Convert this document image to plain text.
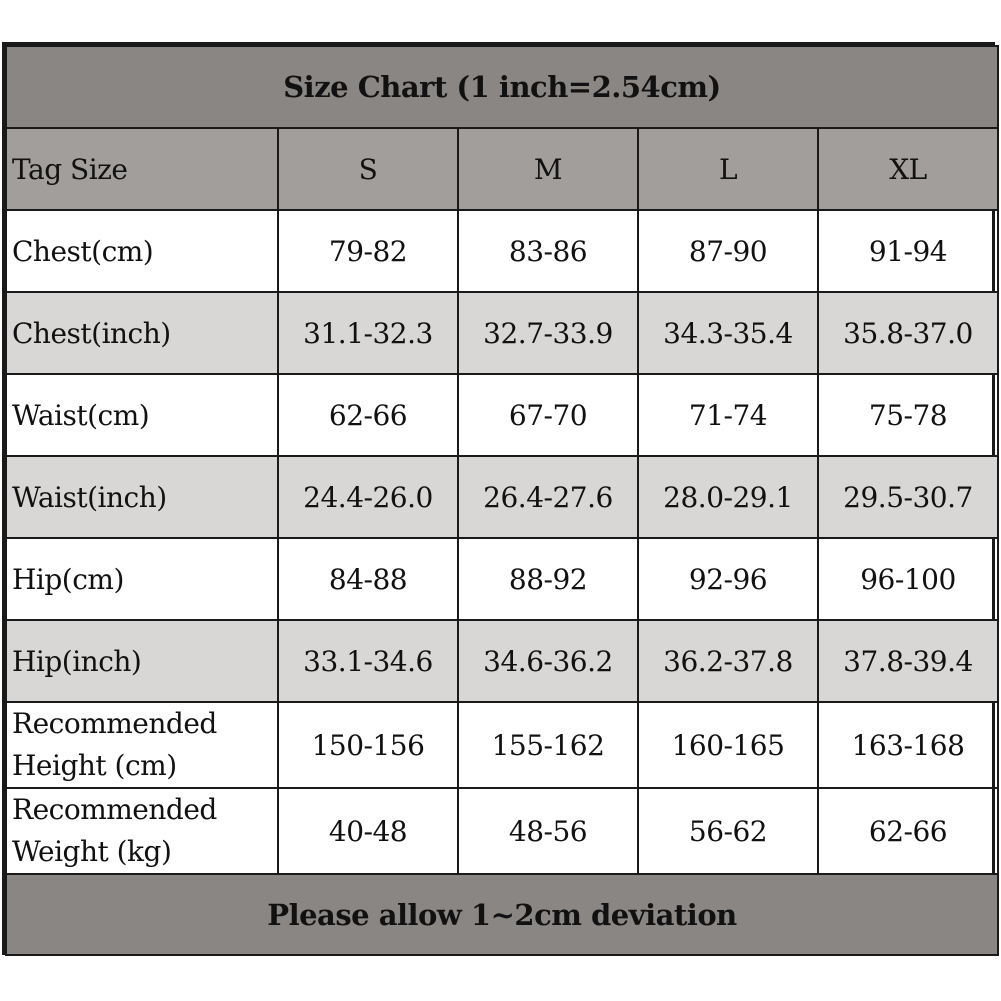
Size Chart (1 inch=2.54cm)				
Tag Size	S	M	L	XL
Chest(cm)	79-82	83-86	87-90	91-94
Chest(inch)	31.1-32.3	32.7-33.9	34.3-35.4	35.8-37.0
Waist(cm)	62-66	67-70	71-74	75-78
Waist(inch)	24.4-26.0	26.4-27.6	28.0-29.1	29.5-30.7
Hip(cm)	84-88	88-92	92-96	96-100
Hip(inch)	33.1-34.6	34.6-36.2	36.2-37.8	37.8-39.4
Recommended
Height (cm)	150-156	155-162	160-165	163-168
Recommended
Weight (kg)	40-48	48-56	56-62	62-66
Please allow 1~2cm deviation				
